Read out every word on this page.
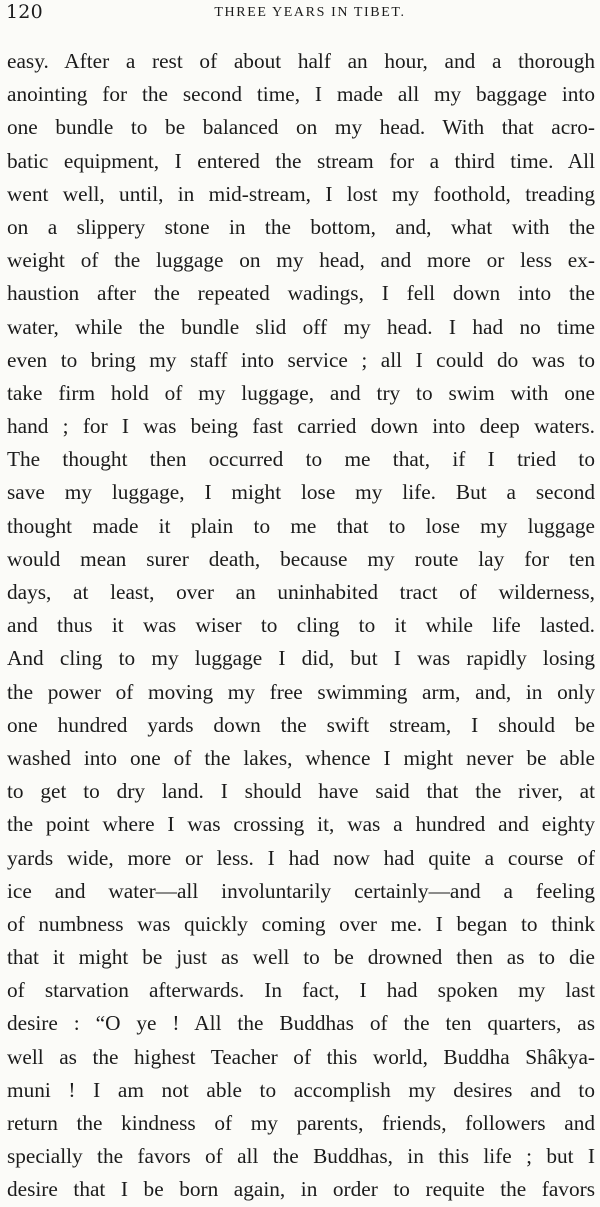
120	THREE YEARS IN TIBET.
easy. After a rest of about half an hour, and a thorough
anointing for the second time, I made all my baggage into
one bundle to be balanced on my head. With that acro-
batic equipment, I entered the stream for a third time. All
went well, until, in mid-stream, I lost my foothold, treading
on a slippery stone in the bottom, and, what with the
weight of the luggage on my head, and more or less ex-
haustion after the repeated wadings, I fell down into the
water, while the bundle slid off my head. I had no time
even to bring my staff into service ; all I could do was to
take firm hold of my luggage, and try to swim with one
hand ; for I was being fast carried down into deep waters.
The thought then occurred to me that, if I tried to
save my luggage, I might lose my life. But a second
thought made it plain to me that to lose my luggage
would mean surer death, because my route lay for ten
days, at least, over an uninhabited tract of wilderness,
and thus it was wiser to cling to it while life lasted.
And cling to my luggage I did, but I was rapidly losing
the power of moving my free swimming arm, and, in only
one hundred yards down the swift stream, I should be
washed into one of the lakes, whence I might never be able
to get to dry land. I should have said that the river, at
the point where I was crossing it, was a hundred and eighty
yards wide, more or less. I had now had quite a course of
ice and water—all involuntarily certainly—and a feeling
of numbness was quickly coming over me. I began to think
that it might be just as well to be drowned then as to die
of starvation afterwards. In fact, I had spoken my last
desire : “O ye ! All the Buddhas of the ten quarters, as
well as the highest Teacher of this world, Buddha Shâkya-
muni ! I am not able to accomplish my desires and to
return the kindness of my parents, friends, followers and
specially the favors of all the Buddhas, in this life ; but I
desire that I be born again, in order to requite the favors
